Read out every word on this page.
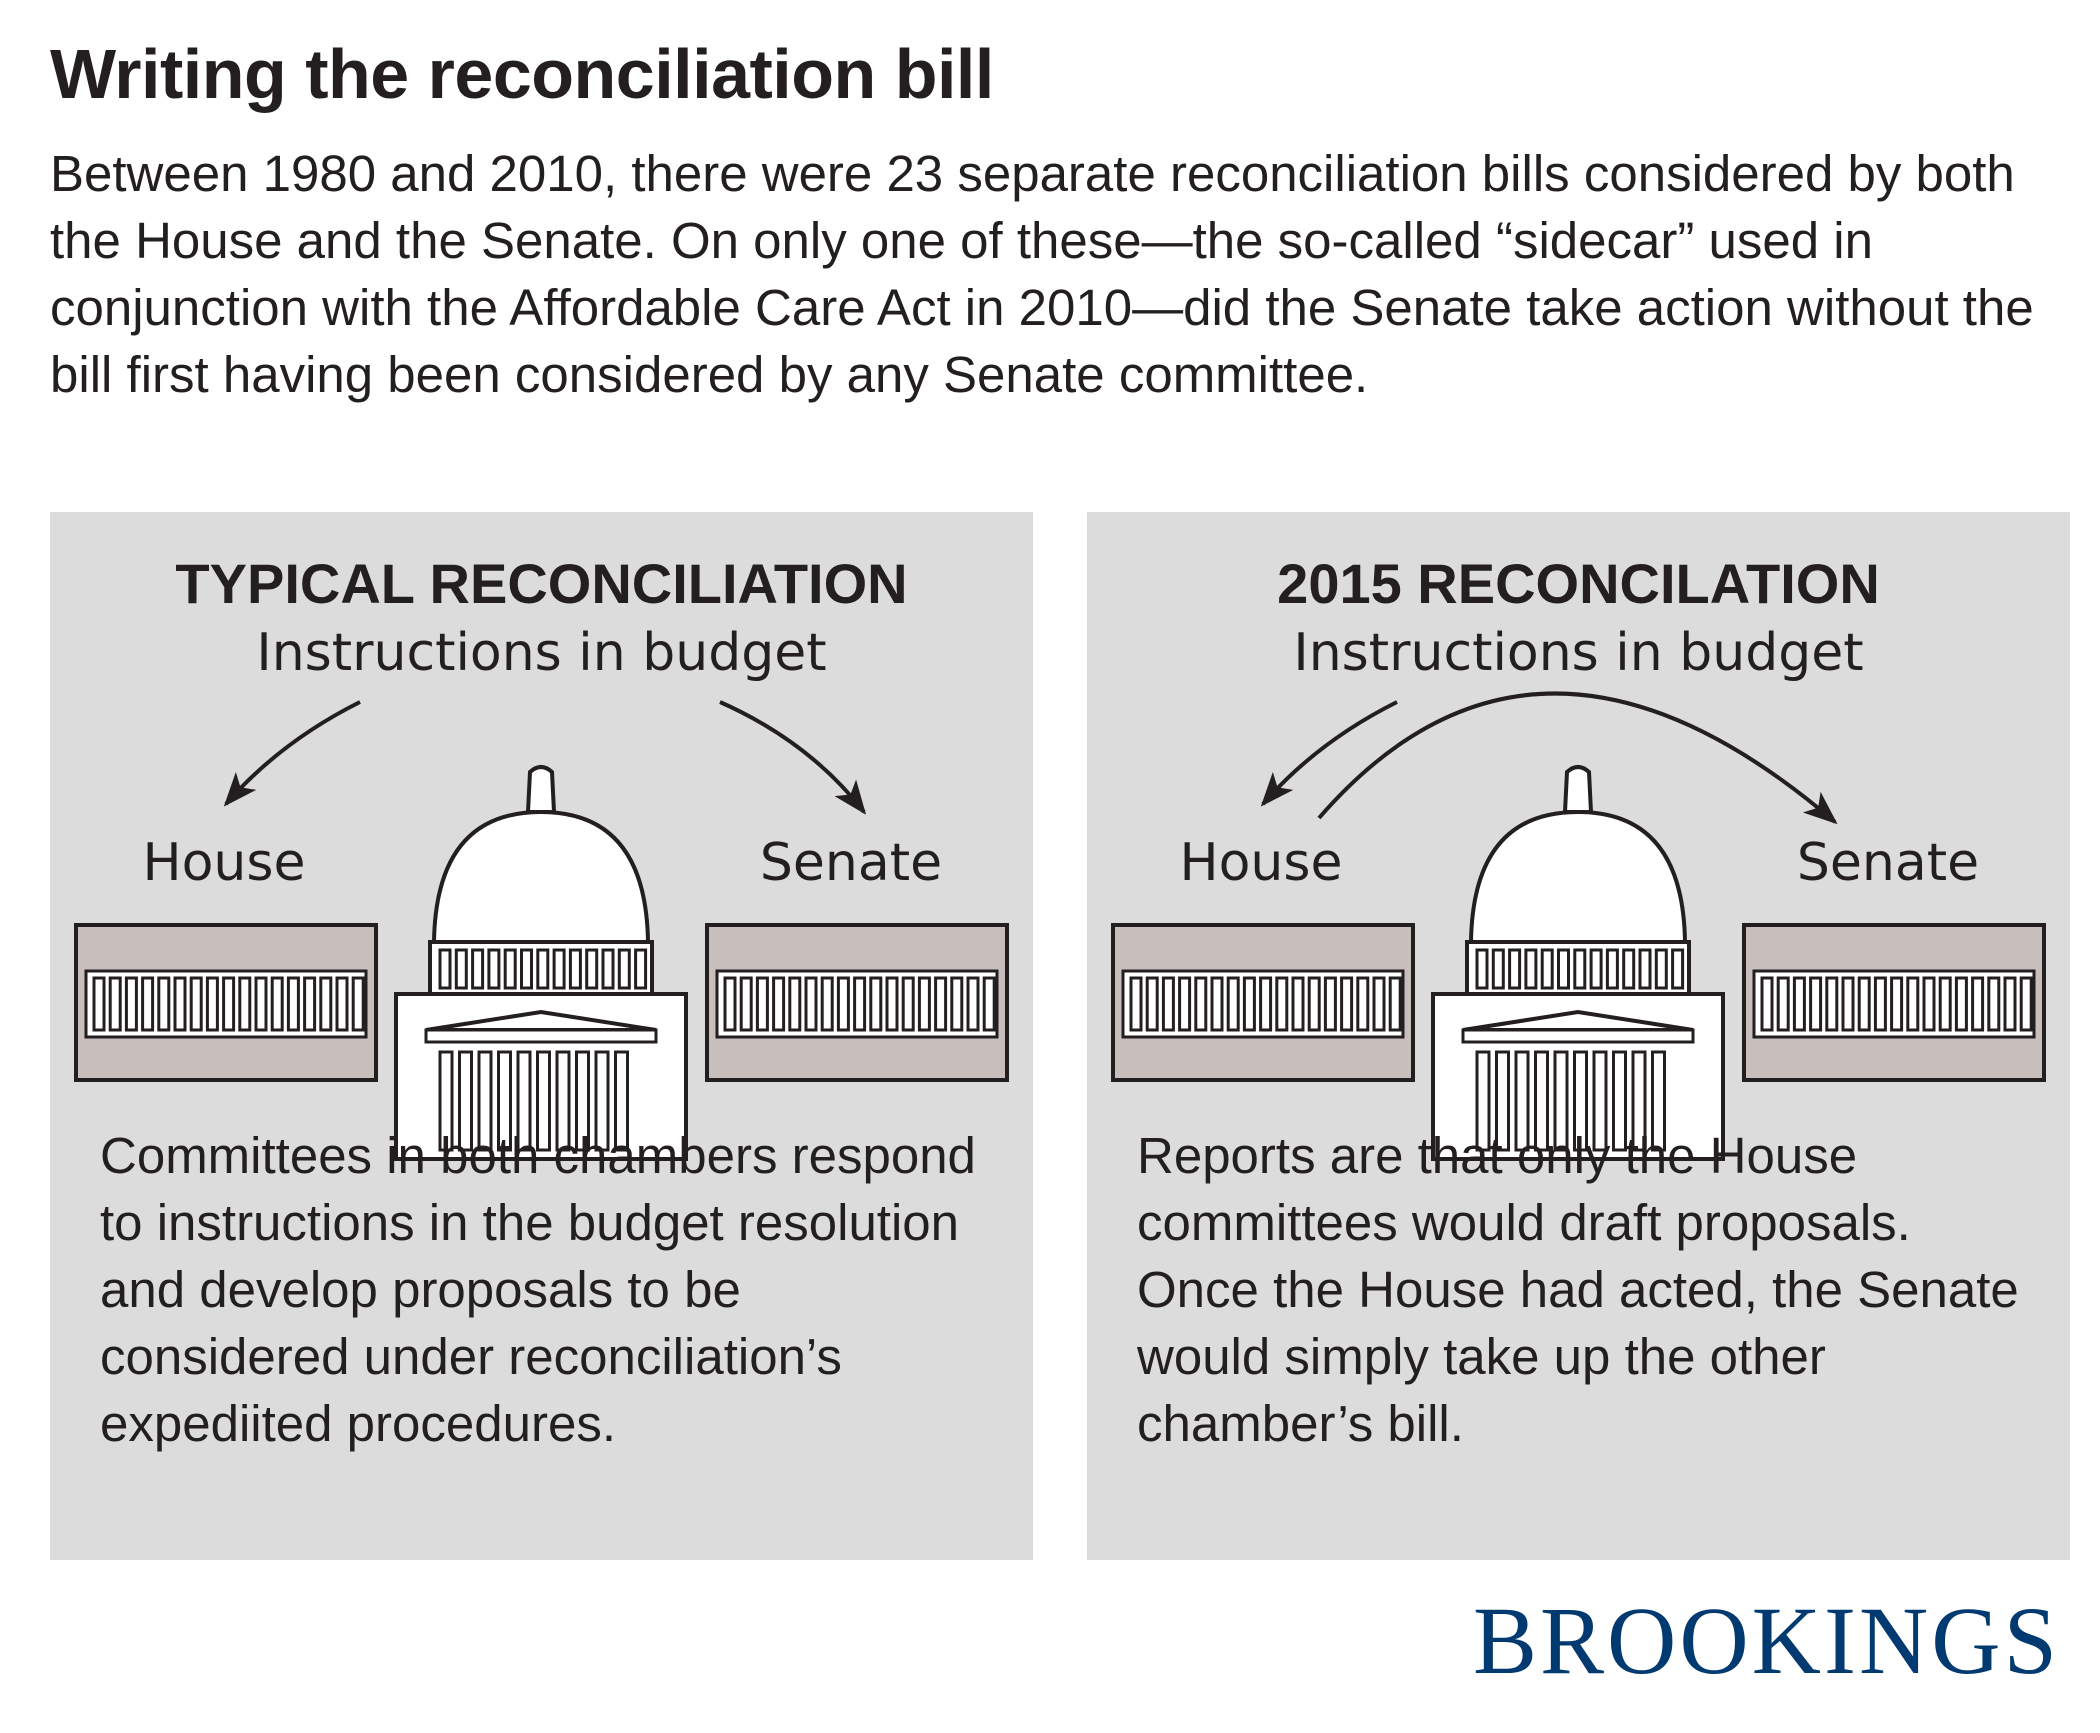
Writing the reconciliation bill

Between 1980 and 2010, there were 23 separate reconciliation bills considered by both the House and the Senate. On only one of these—the so-called “sidecar” used in conjunction with the Affordable Care Act in 2010—did the Senate take action without the bill first having been considered by any Senate committee.

TYPICAL RECONCILIATION
Instructions in budget
House	Senate

Committees in both chambers respond to instructions in the budget resolution and develop proposals to be considered under reconciliation’s expediited procedures.

2015 RECONCILATION
Instructions in budget
House	Senate

Reports are that only the House committees would draft proposals. Once the House had acted, the Senate would simply take up the other chamber’s bill.

BROOKINGS
